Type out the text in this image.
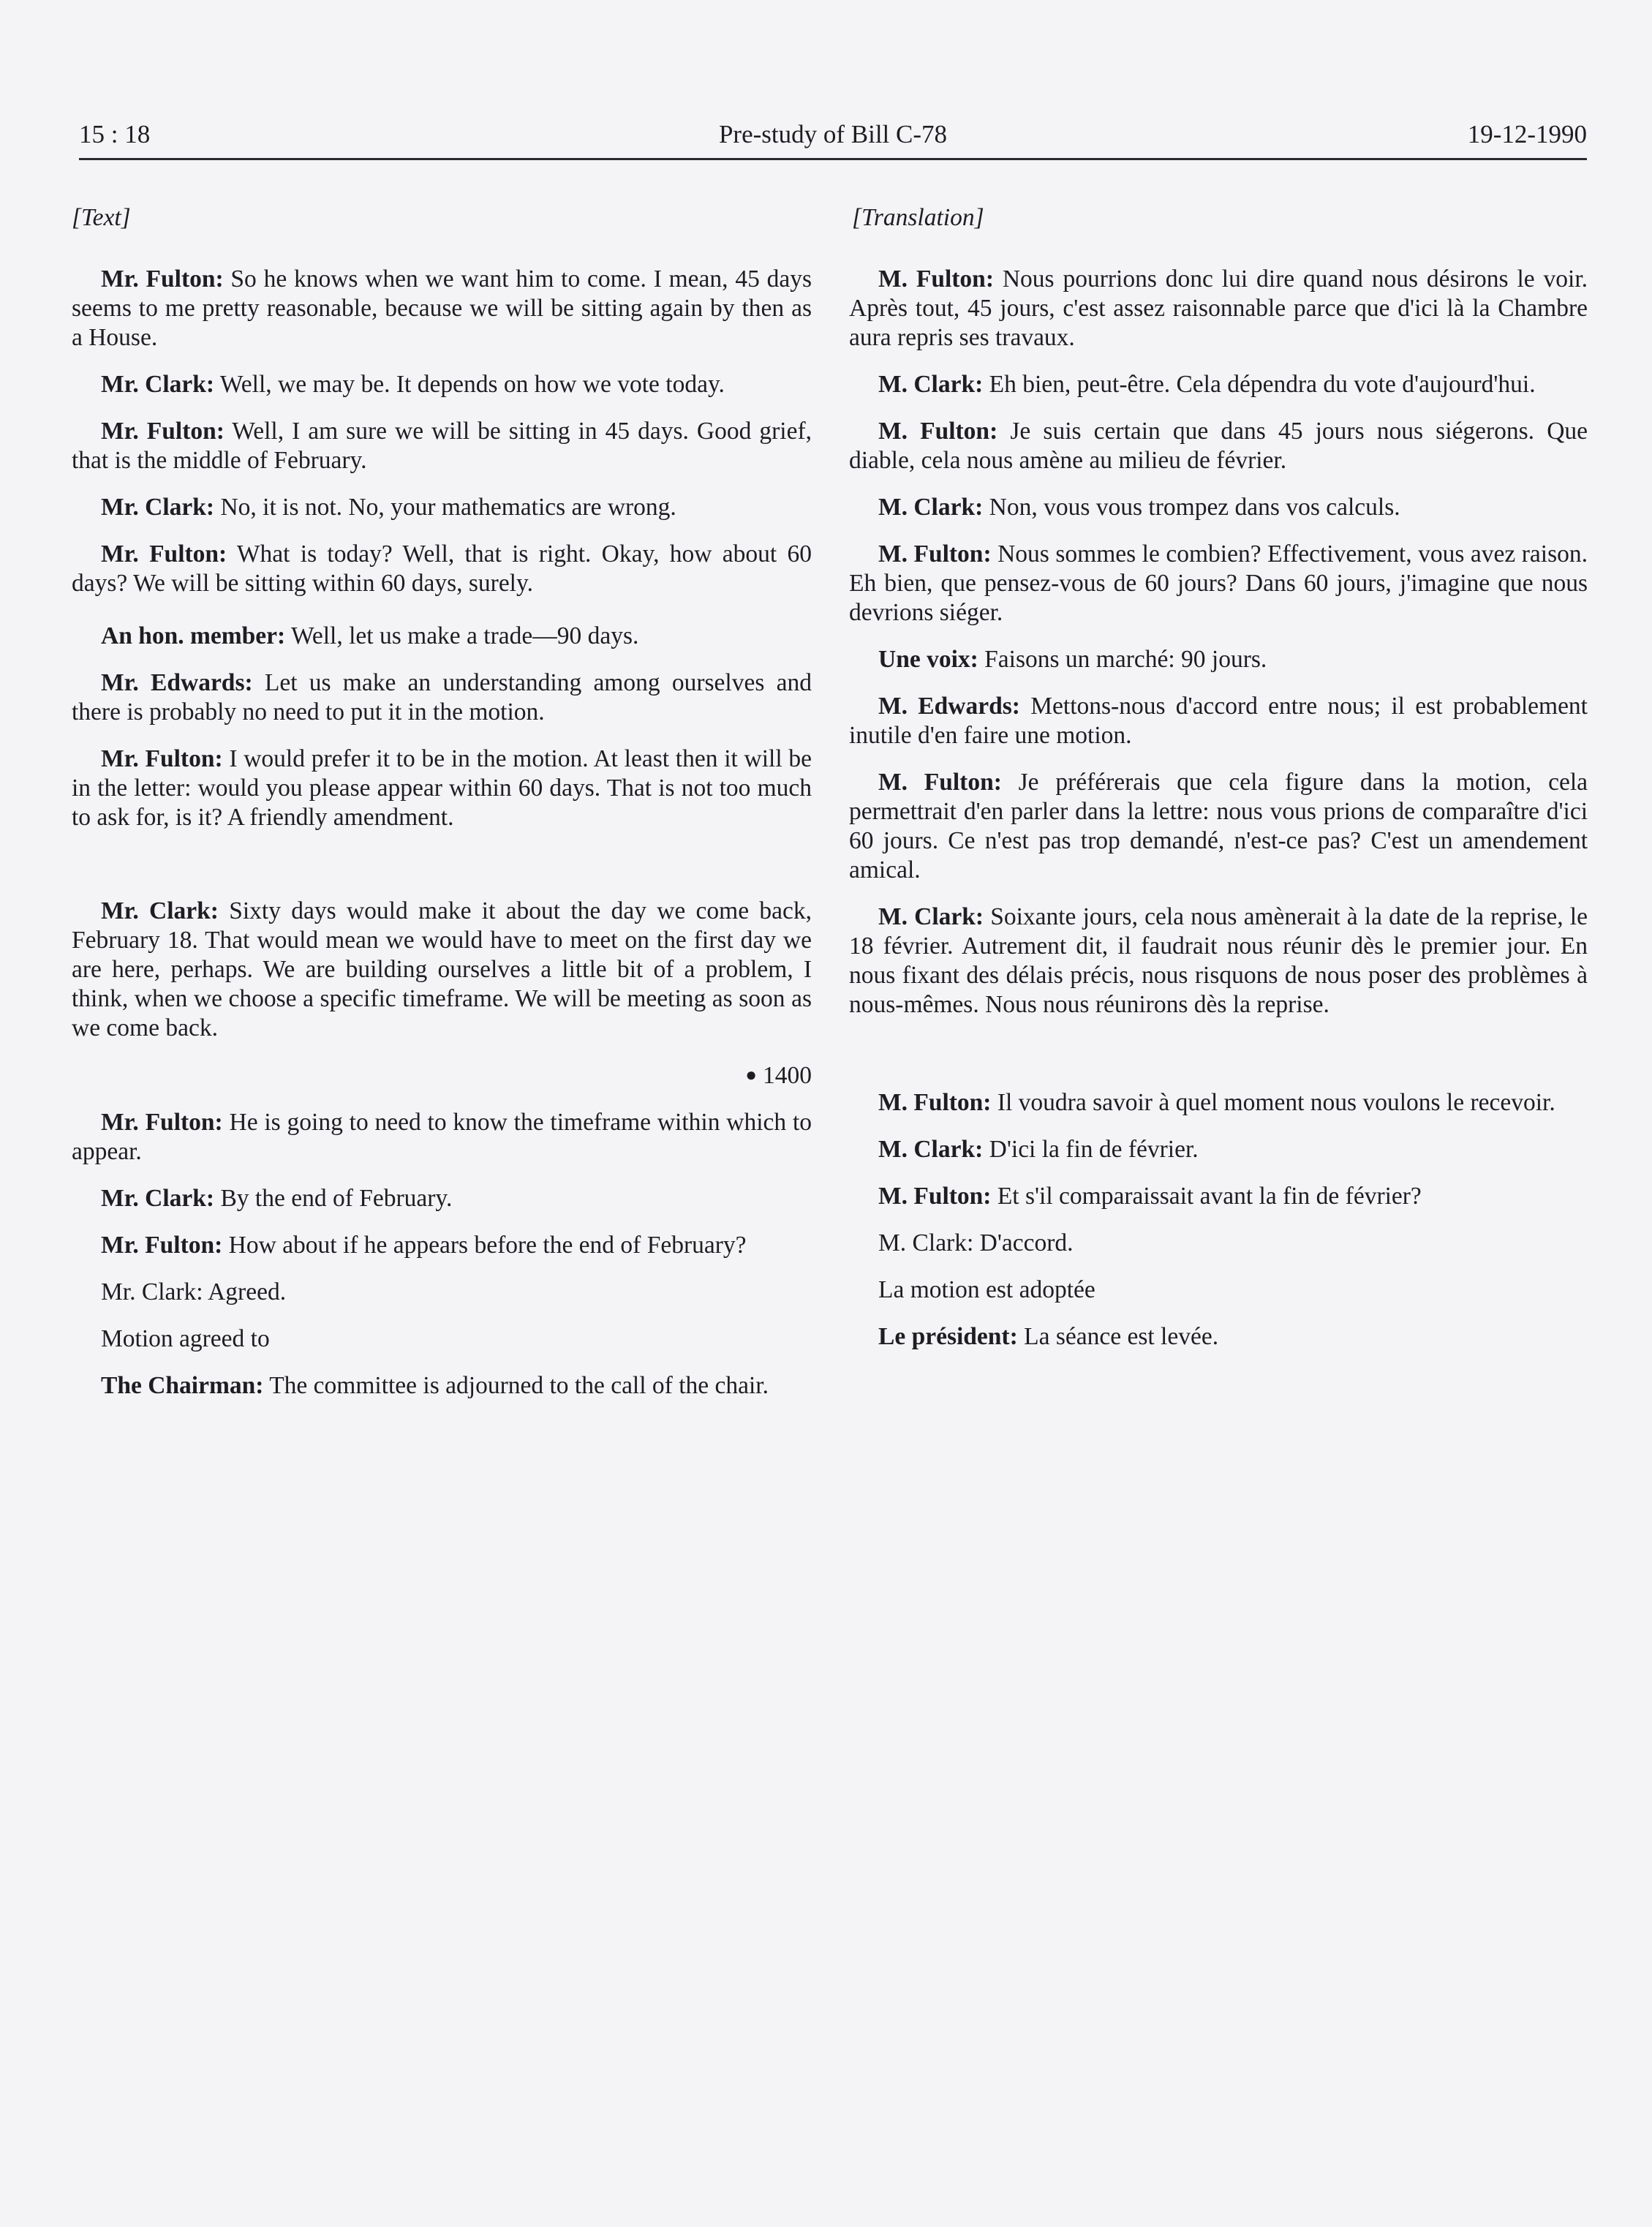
15 : 18	Pre-study of Bill C-78	19-12-1990
[Text]

Mr. Fulton: So he knows when we want him to come. I mean, 45 days seems to me pretty reasonable, because we will be sitting again by then as a House.

Mr. Clark: Well, we may be. It depends on how we vote today.

Mr. Fulton: Well, I am sure we will be sitting in 45 days. Good grief, that is the middle of February.

Mr. Clark: No, it is not. No, your mathematics are wrong.

Mr. Fulton: What is today? Well, that is right. Okay, how about 60 days? We will be sitting within 60 days, surely.

An hon. member: Well, let us make a trade—90 days.

Mr. Edwards: Let us make an understanding among ourselves and there is probably no need to put it in the motion.

Mr. Fulton: I would prefer it to be in the motion. At least then it will be in the letter: would you please appear within 60 days. That is not too much to ask for, is it? A friendly amendment.

Mr. Clark: Sixty days would make it about the day we come back, February 18. That would mean we would have to meet on the first day we are here, perhaps. We are building ourselves a little bit of a problem, I think, when we choose a specific timeframe. We will be meeting as soon as we come back.

● 1400

Mr. Fulton: He is going to need to know the timeframe within which to appear.

Mr. Clark: By the end of February.

Mr. Fulton: How about if he appears before the end of February?

Mr. Clark: Agreed.

Motion agreed to

The Chairman: The committee is adjourned to the call of the chair.

[Translation]

M. Fulton: Nous pourrions donc lui dire quand nous désirons le voir. Après tout, 45 jours, c'est assez raisonnable parce que d'ici là la Chambre aura repris ses travaux.

M. Clark: Eh bien, peut-être. Cela dépendra du vote d'aujourd'hui.

M. Fulton: Je suis certain que dans 45 jours nous siégerons. Que diable, cela nous amène au milieu de février.

M. Clark: Non, vous vous trompez dans vos calculs.

M. Fulton: Nous sommes le combien? Effectivement, vous avez raison. Eh bien, que pensez-vous de 60 jours? Dans 60 jours, j'imagine que nous devrions siéger.

Une voix: Faisons un marché: 90 jours.

M. Edwards: Mettons-nous d'accord entre nous; il est probablement inutile d'en faire une motion.

M. Fulton: Je préférerais que cela figure dans la motion, cela permettrait d'en parler dans la lettre: nous vous prions de comparaître d'ici 60 jours. Ce n'est pas trop demandé, n'est-ce pas? C'est un amendement amical.

M. Clark: Soixante jours, cela nous amènerait à la date de la reprise, le 18 février. Autrement dit, il faudrait nous réunir dès le premier jour. En nous fixant des délais précis, nous risquons de nous poser des problèmes à nous-mêmes. Nous nous réunirons dès la reprise.

M. Fulton: Il voudra savoir à quel moment nous voulons le recevoir.

M. Clark: D'ici la fin de février.

M. Fulton: Et s'il comparaissait avant la fin de février?

M. Clark: D'accord.

La motion est adoptée

Le président: La séance est levée.
